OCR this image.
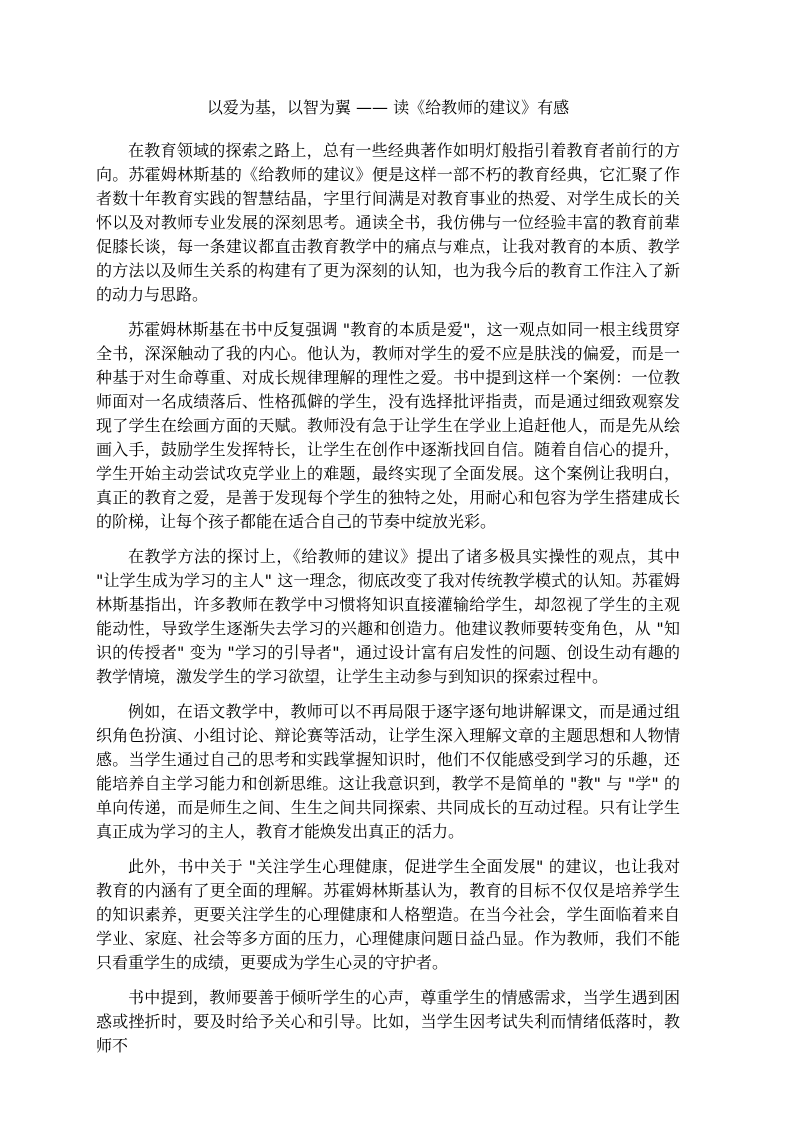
以爱为基，以智为翼 —— 读《给教师的建议》有感

在教育领域的探索之路上，总有一些经典著作如明灯般指引着教育者前行的方向。苏霍姆林斯基的《给教师的建议》便是这样一部不朽的教育经典，它汇聚了作者数十年教育实践的智慧结晶，字里行间满是对教育事业的热爱、对学生成长的关怀以及对教师专业发展的深刻思考。通读全书，我仿佛与一位经验丰富的教育前辈促膝长谈，每一条建议都直击教育教学中的痛点与难点，让我对教育的本质、教学的方法以及师生关系的构建有了更为深刻的认知，也为我今后的教育工作注入了新的动力与思路。

苏霍姆林斯基在书中反复强调 "教育的本质是爱"，这一观点如同一根主线贯穿全书，深深触动了我的内心。他认为，教师对学生的爱不应是肤浅的偏爱，而是一种基于对生命尊重、对成长规律理解的理性之爱。书中提到这样一个案例：一位教师面对一名成绩落后、性格孤僻的学生，没有选择批评指责，而是通过细致观察发现了学生在绘画方面的天赋。教师没有急于让学生在学业上追赶他人，而是先从绘画入手，鼓励学生发挥特长，让学生在创作中逐渐找回自信。随着自信心的提升，学生开始主动尝试攻克学业上的难题，最终实现了全面发展。这个案例让我明白，真正的教育之爱，是善于发现每个学生的独特之处，用耐心和包容为学生搭建成长的阶梯，让每个孩子都能在适合自己的节奏中绽放光彩。

在教学方法的探讨上，《给教师的建议》提出了诸多极具实操性的观点，其中 "让学生成为学习的主人" 这一理念，彻底改变了我对传统教学模式的认知。苏霍姆林斯基指出，许多教师在教学中习惯将知识直接灌输给学生，却忽视了学生的主观能动性，导致学生逐渐失去学习的兴趣和创造力。他建议教师要转变角色，从 "知识的传授者" 变为 "学习的引导者"，通过设计富有启发性的问题、创设生动有趣的教学情境，激发学生的学习欲望，让学生主动参与到知识的探索过程中。

例如，在语文教学中，教师可以不再局限于逐字逐句地讲解课文，而是通过组织角色扮演、小组讨论、辩论赛等活动，让学生深入理解文章的主题思想和人物情感。当学生通过自己的思考和实践掌握知识时，他们不仅能感受到学习的乐趣，还能培养自主学习能力和创新思维。这让我意识到，教学不是简单的 "教" 与 "学" 的单向传递，而是师生之间、生生之间共同探索、共同成长的互动过程。只有让学生真正成为学习的主人，教育才能焕发出真正的活力。

此外，书中关于 "关注学生心理健康，促进学生全面发展" 的建议，也让我对教育的内涵有了更全面的理解。苏霍姆林斯基认为，教育的目标不仅仅是培养学生的知识素养，更要关注学生的心理健康和人格塑造。在当今社会，学生面临着来自学业、家庭、社会等多方面的压力，心理健康问题日益凸显。作为教师，我们不能只看重学生的成绩，更要成为学生心灵的守护者。

书中提到，教师要善于倾听学生的心声，尊重学生的情感需求，当学生遇到困惑或挫折时，要及时给予关心和引导。比如，当学生因考试失利而情绪低落时，教师不
